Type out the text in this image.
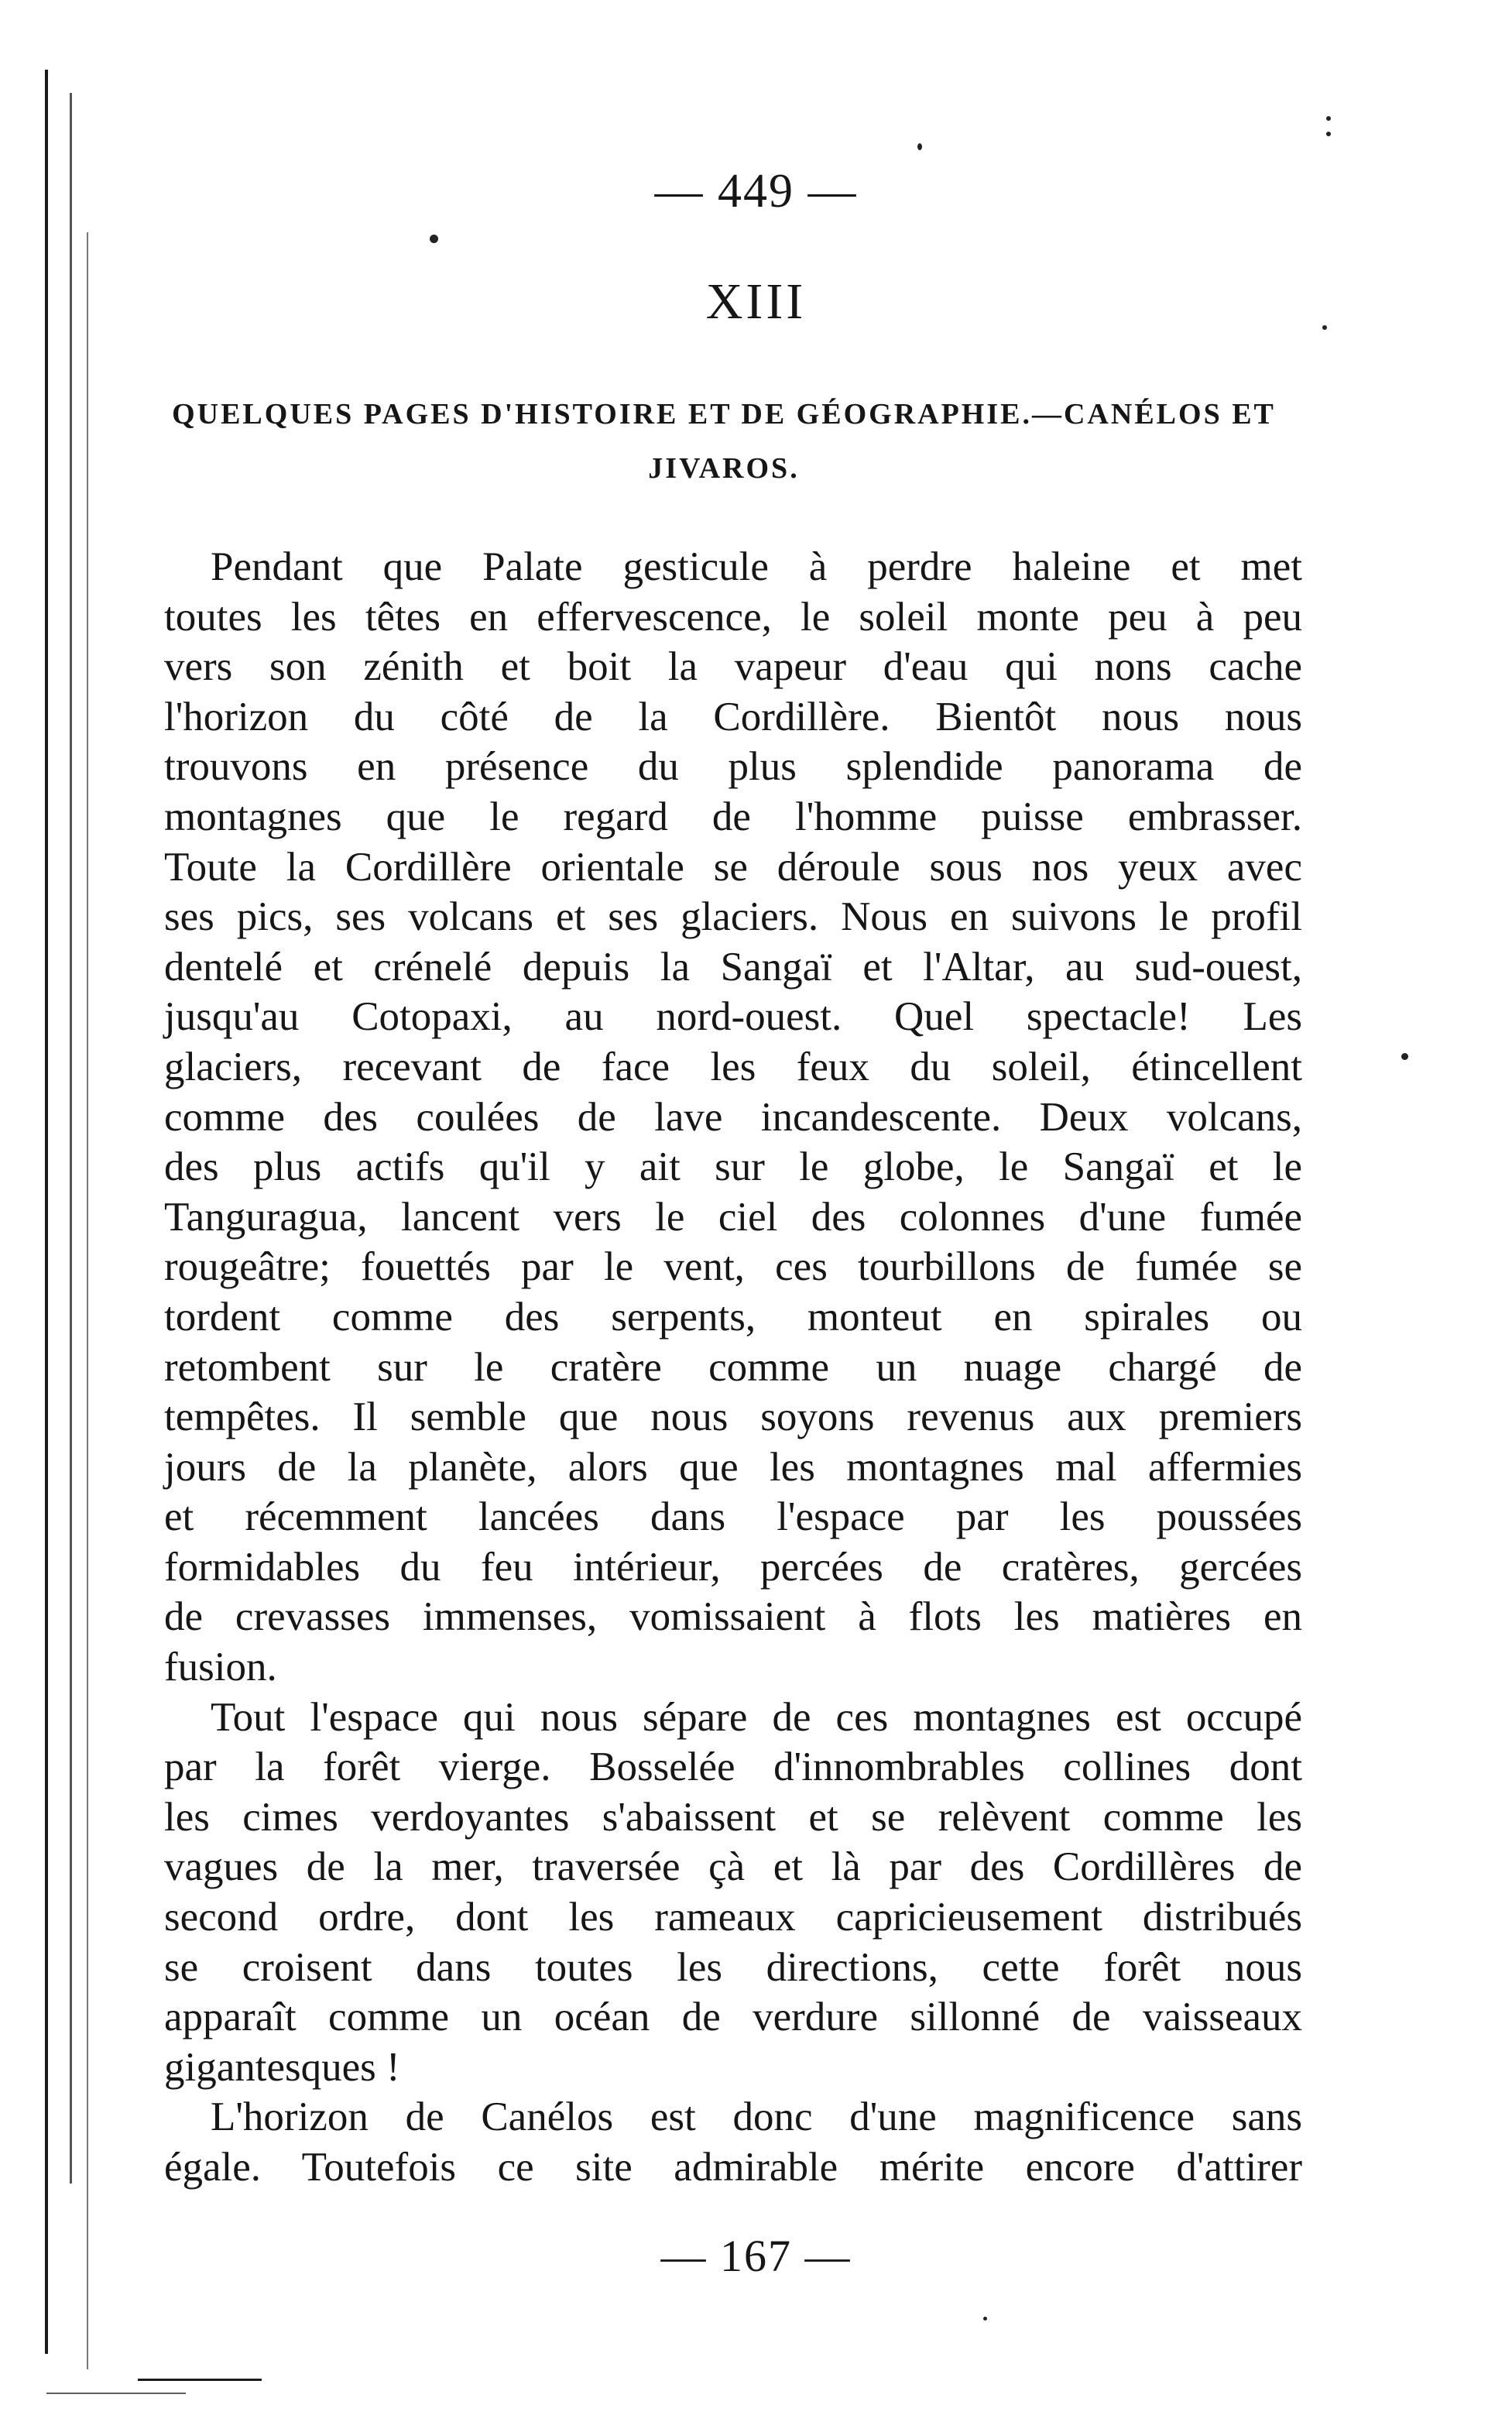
— 449 —
XIII
QUELQUES PAGES D'HISTOIRE ET DE GÉOGRAPHIE.—CANÉLOS ET JIVAROS.

Pendant que Palate gesticule à perdre haleine et met
toutes les têtes en effervescence, le soleil monte peu à peu
vers son zénith et boit la vapeur d'eau qui nons cache
l'horizon du côté de la Cordillère. Bientôt nous nous
trouvons en présence du plus splendide panorama de
montagnes que le regard de l'homme puisse embrasser.
Toute la Cordillère orientale se déroule sous nos yeux avec
ses pics, ses volcans et ses glaciers. Nous en suivons le profil
dentelé et crénelé depuis la Sangaï et l'Altar, au sud-ouest,
jusqu'au Cotopaxi, au nord-ouest. Quel spectacle! Les
glaciers, recevant de face les feux du soleil, étincellent
comme des coulées de lave incandescente. Deux volcans,
des plus actifs qu'il y ait sur le globe, le Sangaï et le
Tanguragua, lancent vers le ciel des colonnes d'une fumée
rougeâtre; fouettés par le vent, ces tourbillons de fumée se
tordent comme des serpents, monteut en spirales ou
retombent sur le cratère comme un nuage chargé de
tempêtes. Il semble que nous soyons revenus aux premiers
jours de la planète, alors que les montagnes mal affermies
et récemment lancées dans l'espace par les poussées
formidables du feu intérieur, percées de cratères, gercées
de crevasses immenses, vomissaient à flots les matières en
fusion.

Tout l'espace qui nous sépare de ces montagnes est occupé
par la forêt vierge. Bosselée d'innombrables collines dont
les cimes verdoyantes s'abaissent et se relèvent comme les
vagues de la mer, traversée çà et là par des Cordillères de
second ordre, dont les rameaux capricieusement distribués
se croisent dans toutes les directions, cette forêt nous
apparaît comme un océan de verdure sillonné de vaisseaux
gigantesques !

L'horizon de Canélos est donc d'une magnificence sans
égale. Toutefois ce site admirable mérite encore d'attirer

— 167 —
